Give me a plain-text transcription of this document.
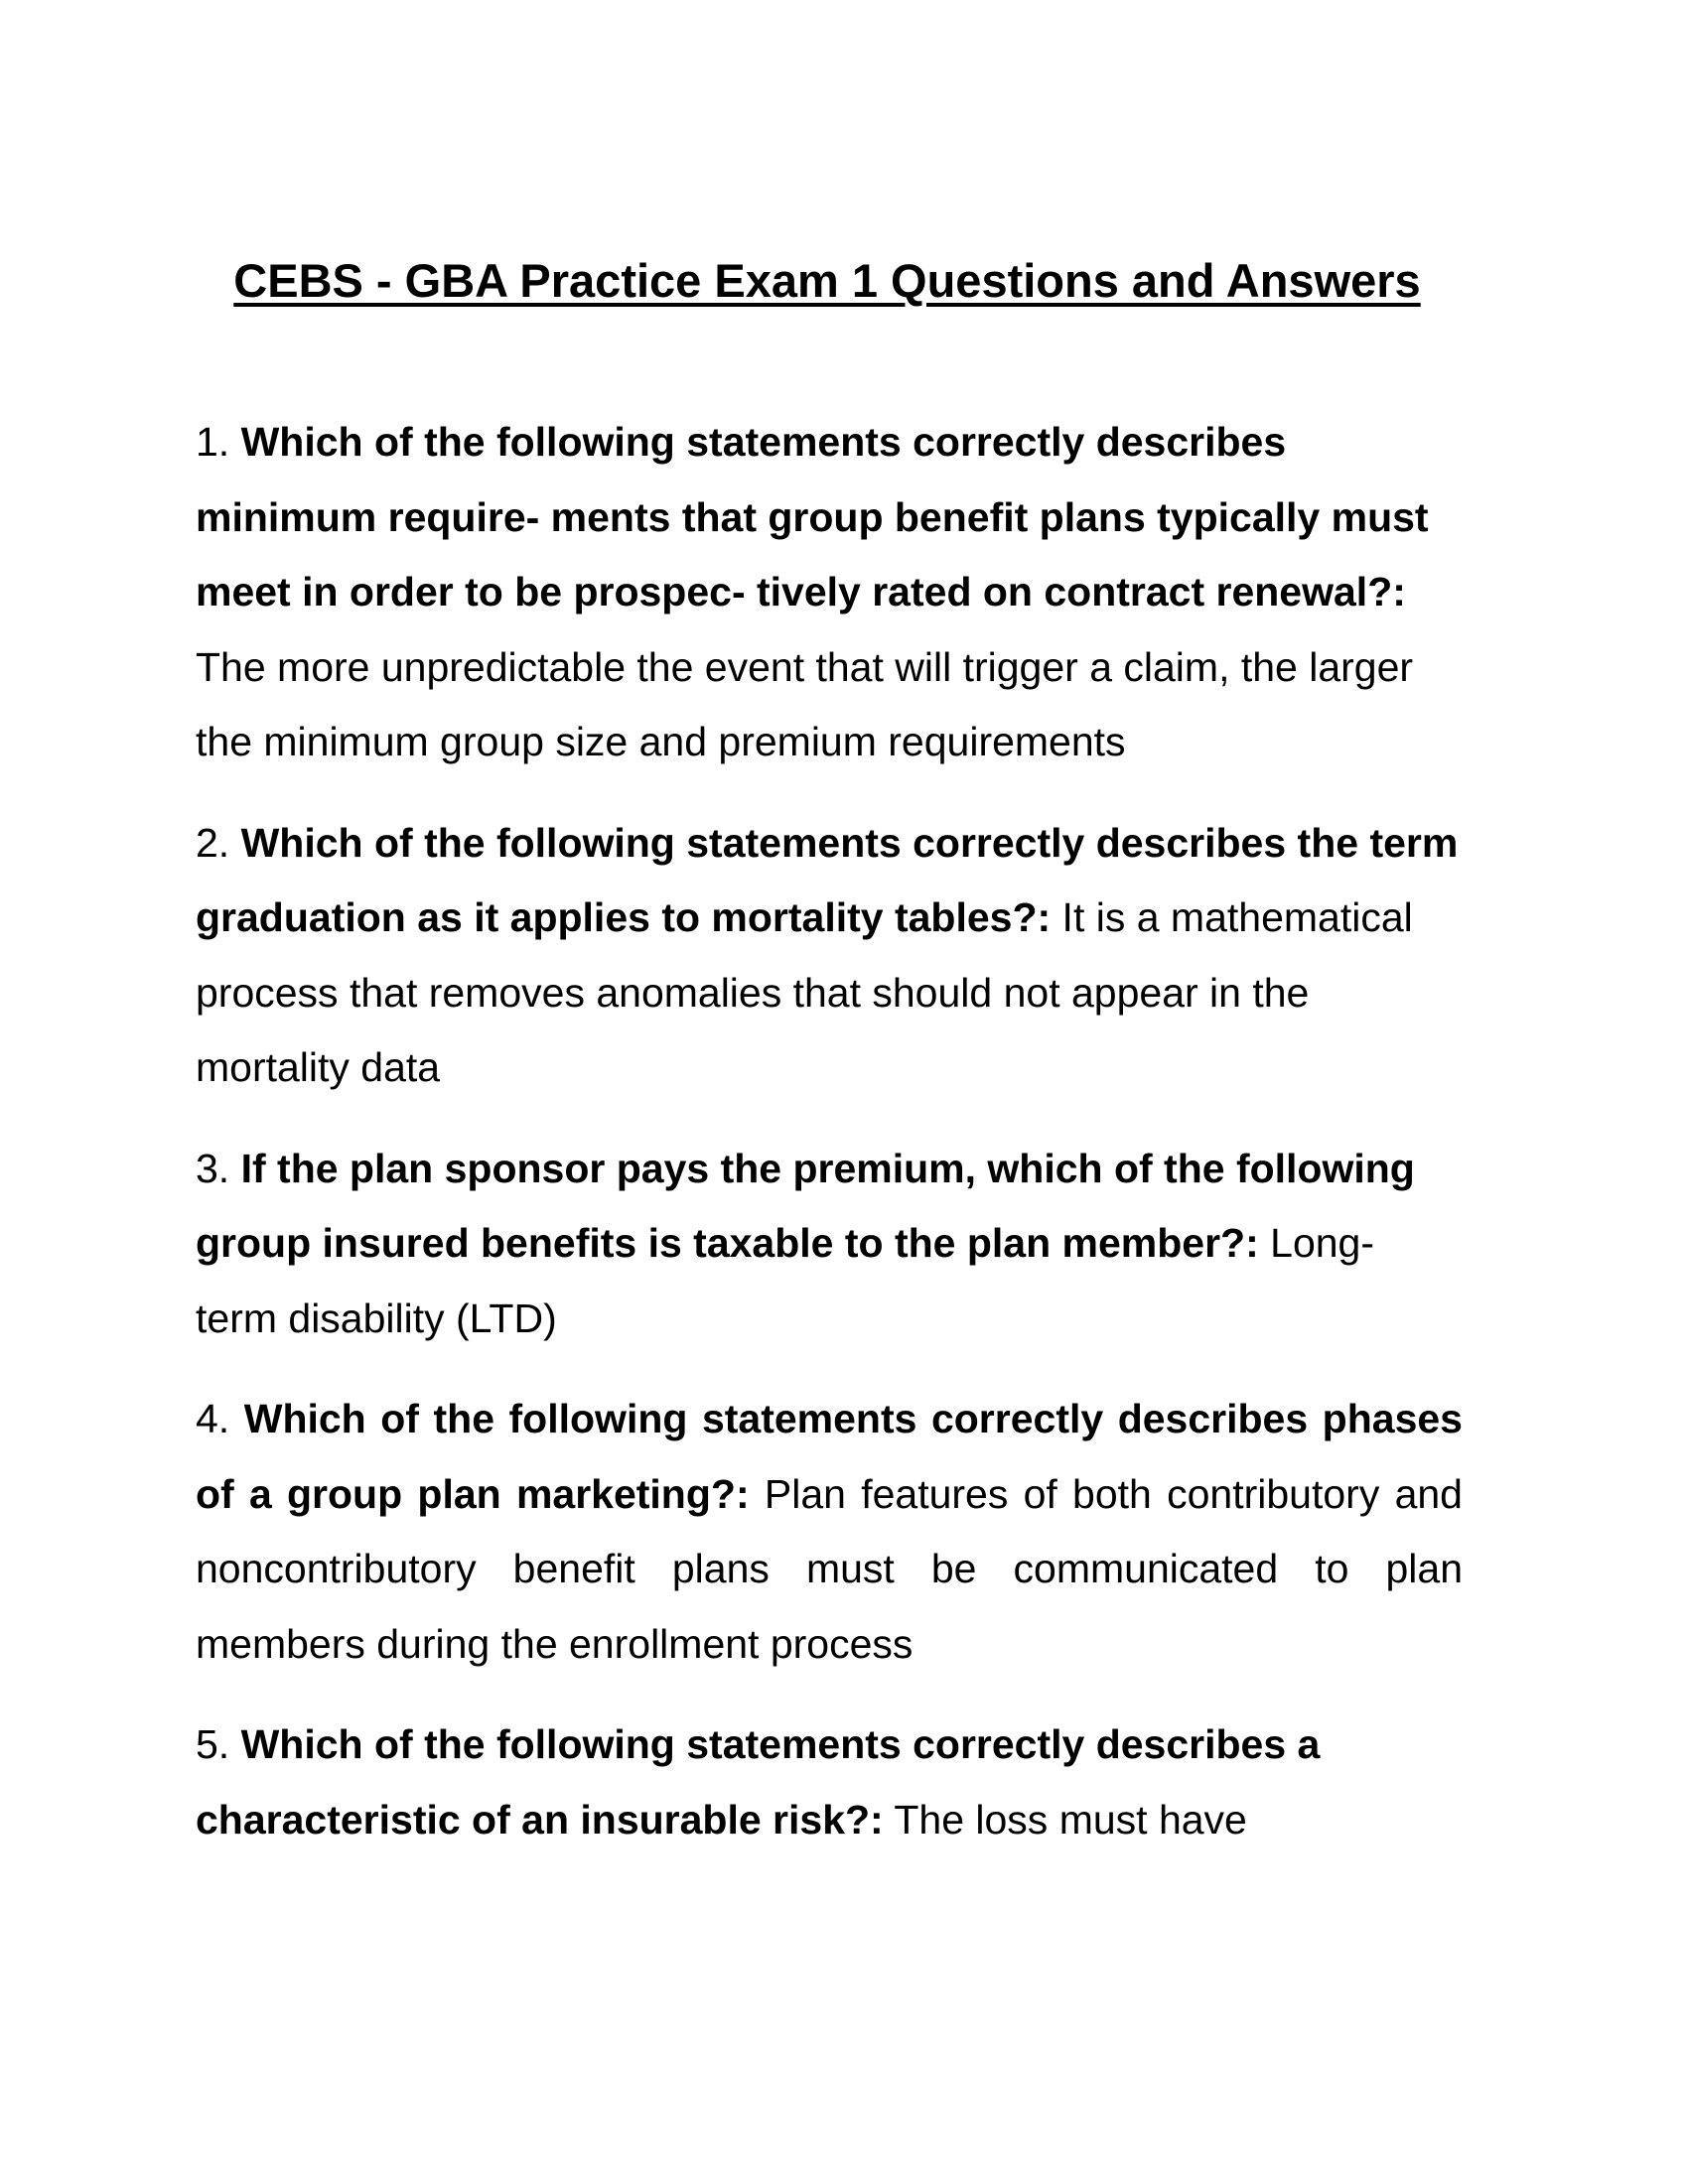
CEBS - GBA Practice Exam 1 Questions and Answers

1. Which of the following statements correctly describes minimum require- ments that group benefit plans typically must meet in order to be prospec- tively rated on contract renewal?: The more unpredictable the event that will trigger a claim, the larger the minimum group size and premium requirements

2. Which of the following statements correctly describes the term graduation as it applies to mortality tables?: It is a mathematical process that removes anomalies that should not appear in the mortality data

3. If the plan sponsor pays the premium, which of the following group insured benefits is taxable to the plan member?: Long- term disability (LTD)

4. Which of the following statements correctly describes phases of a group plan marketing?: Plan features of both contributory and noncontributory benefit plans must be communicated to plan members during the enrollment process

5. Which of the following statements correctly describes a characteristic of an insurable risk?: The loss must have
